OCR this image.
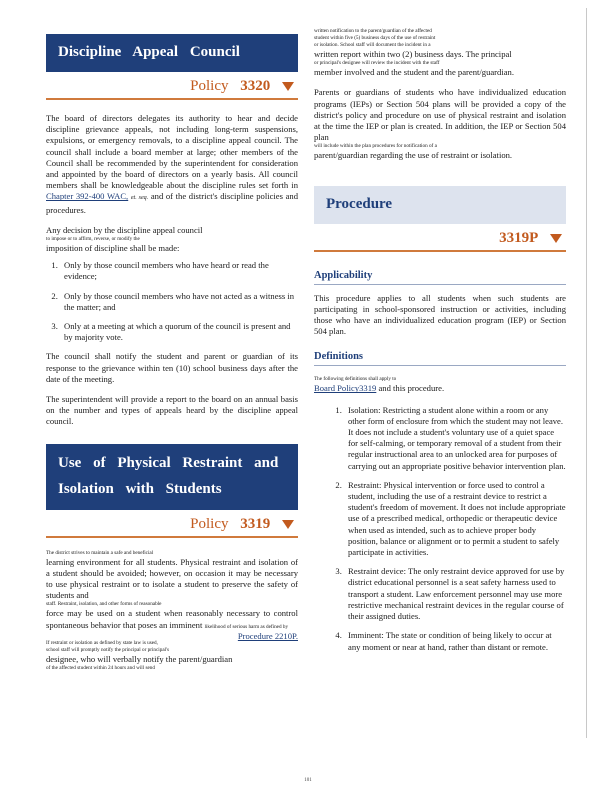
Discipline Appeal Council
Policy 3320

The board of directors delegates its authority to hear and decide discipline grievance appeals, not including long-term suspensions, expulsions, or emergency removals, to a discipline appeal council. The council shall include a board member at large; other members of the Council shall be recommended by the superintendent for consideration and appointed by the board of directors on a yearly basis. All council members shall be knowledgeable about the discipline rules set forth in Chapter 392-400 WAC, et. seq. and of the district's discipline policies and procedures.

Any decision by the discipline appeal council
to impose or to affirm, reverse, or modify the
imposition of discipline shall be made:

1. Only by those council members who have heard or read the evidence;
2. Only by those council members who have not acted as a witness in the matter; and
3. Only at a meeting at which a quorum of the council is present and by majority vote.

The council shall notify the student and parent or guardian of its response to the grievance within ten (10) school business days after the date of the meeting.

The superintendent will provide a report to the board on an annual basis on the number and types of appeals heard by the discipline appeal council.

Use of Physical Restraint and
Isolation with Students
Policy 3319

The district strives to maintain a safe and beneficial
learning environment for all students. Physical restraint and isolation of a student should be avoided; however, on occasion it may be necessary to use physical restraint or to isolate a student to preserve the safety of students and
staff. Restraint, isolation, and other forms of reasonable
force may be used on a student when reasonably necessary to control spontaneous behavior that poses an imminent likelihood of serious harm as defined by
Procedure 2210P.

If restraint or isolation as defined by state law is used,
school staff will promptly notify the principal or principal's
designee, who will verbally notify the parent/guardian
of the affected student within 24 hours and will send

written notification to the parent/guardian of the affected
student within five (5) business days of the use of restraint
or isolation. School staff will document the incident in a
written report within two (2) business days. The principal
or principal's designee will review the incident with the staff
member involved and the student and the parent/guardian.

Parents or guardians of students who have individualized education programs (IEPs) or Section 504 plans will be provided a copy of the district's policy and procedure on use of physical restraint and isolation at the time the IEP or plan is created. In addition, the IEP or Section 504 plan
will include within the plan procedures for notification of a
parent/guardian regarding the use of restraint or isolation.

Procedure
3319P
Applicability

This procedure applies to all students when such students are participating in school-sponsored instruction or activities, including those who have an individualized education program (IEP) or Section 504 plan.

Definitions

The following definitions shall apply to
Board Policy3319 and this procedure.

1. Isolation: Restricting a student alone within a room or any other form of enclosure from which the student may not leave. It does not include a student's voluntary use of a quiet space for self-calming, or temporary removal of a student from their regular instructional area to an unlocked area for purposes of carrying out an appropriate positive behavior intervention plan.
2. Restraint: Physical intervention or force used to control a student, including the use of a restraint device to restrict a student's freedom of movement. It does not include appropriate use of a prescribed medical, orthopedic or therapeutic device when used as intended, such as to achieve proper body position, balance or alignment or to permit a student to safely participate in activities.
3. Restraint device: The only restraint device approved for use by district educational personnel is a seat safety harness used to transport a student. Law enforcement personnel may use more restrictive mechanical restraint devices in the regular course of their assigned duties.
4. Imminent: The state or condition of being likely to occur at any moment or near at hand, rather than distant or remote.
101
